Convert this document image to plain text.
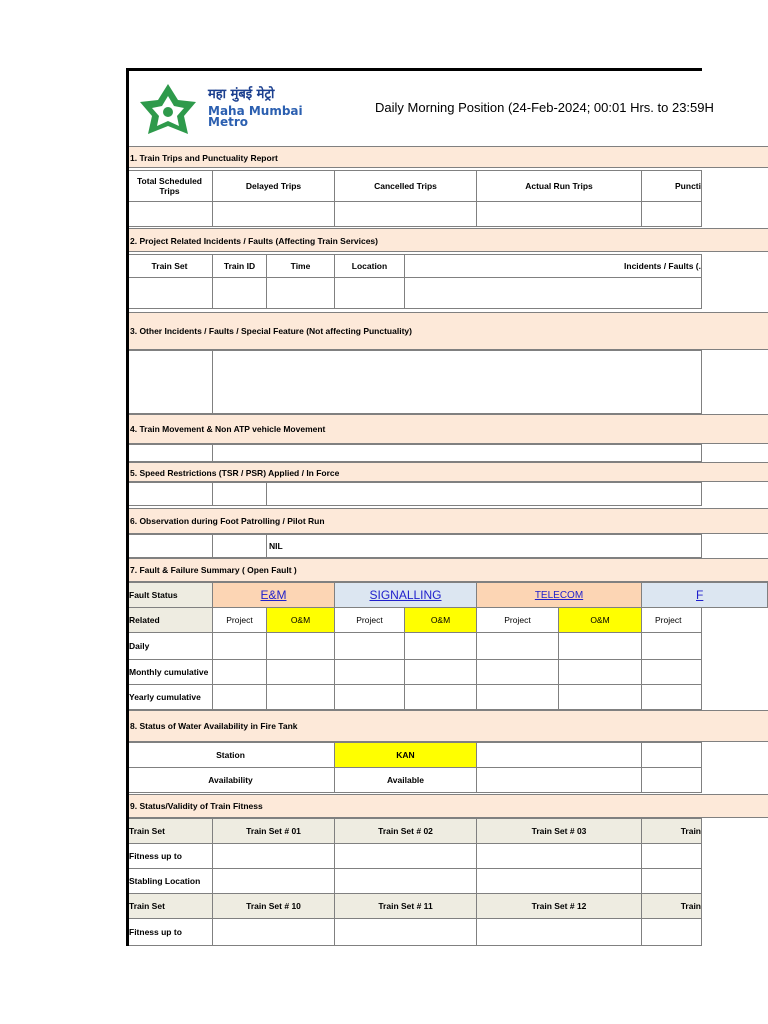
महा मुंबई मेट्रो
Maha Mumbai
Metro
Daily Morning Position (24-Feb-2024; 00:01 Hrs. to 23:59H
1. Train Trips and Punctuality Report
Total Scheduled Trips	Delayed Trips	Cancelled Trips	Actual Run Trips	Puncti
2. Project Related Incidents / Faults (Affecting Train Services)
Train Set	Train ID	Time	Location	Incidents / Faults (.
3. Other Incidents / Faults / Special Feature (Not affecting Punctuality)
4. Train Movement & Non ATP vehicle Movement
5. Speed Restrictions (TSR / PSR) Applied / In Force
6. Observation during Foot Patrolling / Pilot Run
NIL
7. Fault & Failure Summary ( Open Fault )
Fault Status	E&M	SIGNALLING	TELECOM	F
Related	Project	O&M	Project	O&M	Project	O&M	Project
Daily
Monthly cumulative
Yearly cumulative
8. Status of Water Availability in Fire Tank
Station	KAN
Availability	Available
9. Status/Validity of Train Fitness
Train Set	Train Set # 01	Train Set # 02	Train Set # 03	Train
Fitness up to
Stabling Location
Train Set	Train Set # 10	Train Set # 11	Train Set # 12	Train
Fitness up to
